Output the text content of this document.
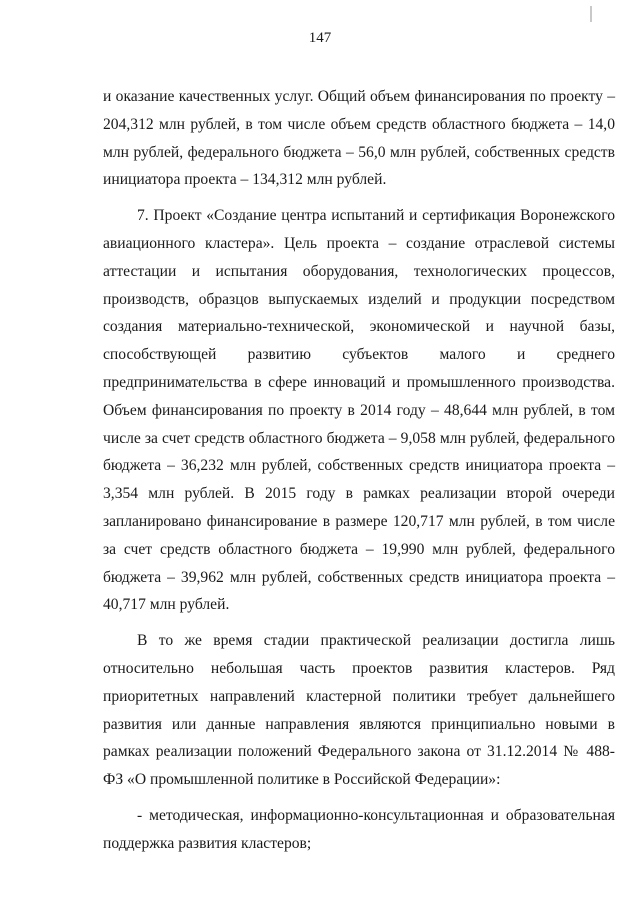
147

и оказание качественных услуг. Общий объем финансирования по проекту – 204,312 млн рублей, в том числе объем средств областного бюджета – 14,0 млн рублей, федерального бюджета – 56,0 млн рублей, собственных средств инициатора проекта – 134,312 млн рублей.

7. Проект «Создание центра испытаний и сертификация Воронежского авиационного кластера». Цель проекта – создание отраслевой системы аттестации и испытания оборудования, технологических процессов, производств, образцов выпускаемых изделий и продукции посредством создания материально-технической, экономической и научной базы, способствующей развитию субъектов малого и среднего предпринимательства в сфере инноваций и промышленного производства. Объем финансирования по проекту в 2014 году – 48,644 млн рублей, в том числе за счет средств областного бюджета – 9,058 млн рублей, федерального бюджета – 36,232 млн рублей, собственных средств инициатора проекта – 3,354 млн рублей. В 2015 году в рамках реализации второй очереди запланировано финансирование в размере 120,717 млн рублей, в том числе за счет средств областного бюджета – 19,990 млн рублей, федерального бюджета – 39,962 млн рублей, собственных средств инициатора проекта – 40,717 млн рублей.

В то же время стадии практической реализации достигла лишь относительно небольшая часть проектов развития кластеров. Ряд приоритетных направлений кластерной политики требует дальнейшего развития или данные направления являются принципиально новыми в рамках реализации положений Федерального закона от 31.12.2014 № 488-ФЗ «О промышленной политике в Российской Федерации»:

- методическая, информационно-консультационная и образовательная поддержка развития кластеров;
